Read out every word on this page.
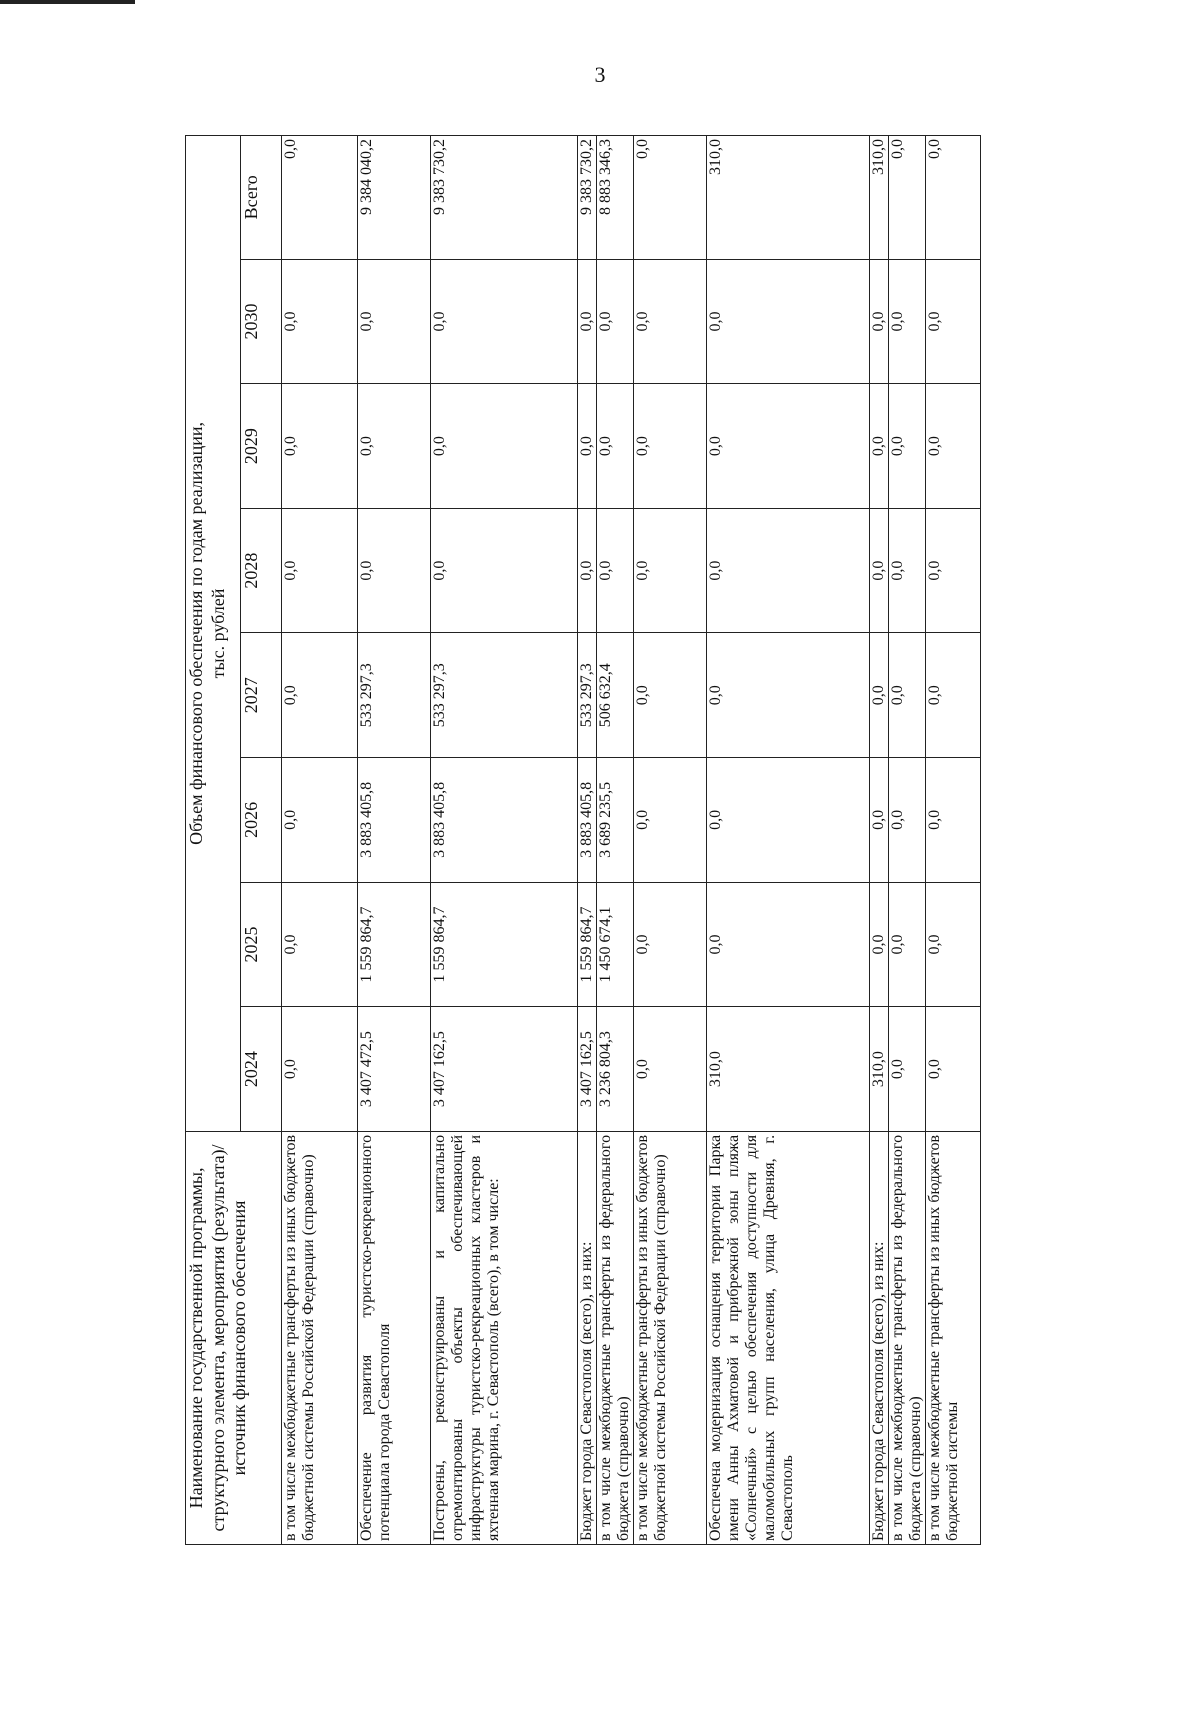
3
Наименование государственной программы, структурного элемента, мероприятия (результата)/источник финансового обеспечения	Объем финансового обеспечения по годам реализации,
тыс. рублей							
	2024	2025	2026	2027	2028	2029	2030	Всего
в том числе межбюджетные трансферты из иных бюджетов бюджетной системы Российской Федерации (справочно)	0,0	0,0	0,0	0,0	0,0	0,0	0,0	0,0
Обеспечение развития туристско-рекреационного потенциала города Севастополя	3 407 472,5	1 559 864,7	3 883 405,8	533 297,3	0,0	0,0	0,0	9 384 040,2
Построены, реконструированы и капитально отремонтированы объекты обеспечивающей инфраструктуры туристско-рекреационных кластеров и яхтенная марина, г. Севастополь (всего), в том числе:	3 407 162,5	1 559 864,7	3 883 405,8	533 297,3	0,0	0,0	0,0	9 383 730,2
Бюджет города Севастополя (всего), из них:	3 407 162,5	1 559 864,7	3 883 405,8	533 297,3	0,0	0,0	0,0	9 383 730,2
в том числе межбюджетные трансферты из федерального бюджета (справочно)	3 236 804,3	1 450 674,1	3 689 235,5	506 632,4	0,0	0,0	0,0	8 883 346,3
в том числе межбюджетные трансферты из иных бюджетов бюджетной системы Российской Федерации (справочно)	0,0	0,0	0,0	0,0	0,0	0,0	0,0	0,0
Обеспечена модернизация оснащения территории Парка имени Анны Ахматовой и прибрежной зоны пляжа «Солнечный» с целью обеспечения доступности для маломобильных групп населения, улица Древняя, г. Севастополь	310,0	0,0	0,0	0,0	0,0	0,0	0,0	310,0
Бюджет города Севастополя (всего), из них:	310,0	0,0	0,0	0,0	0,0	0,0	0,0	310,0
в том числе межбюджетные трансферты из федерального бюджета (справочно)	0,0	0,0	0,0	0,0	0,0	0,0	0,0	0,0
в том числе межбюджетные трансферты из иных бюджетов бюджетной системы	0,0	0,0	0,0	0,0	0,0	0,0	0,0	0,0
